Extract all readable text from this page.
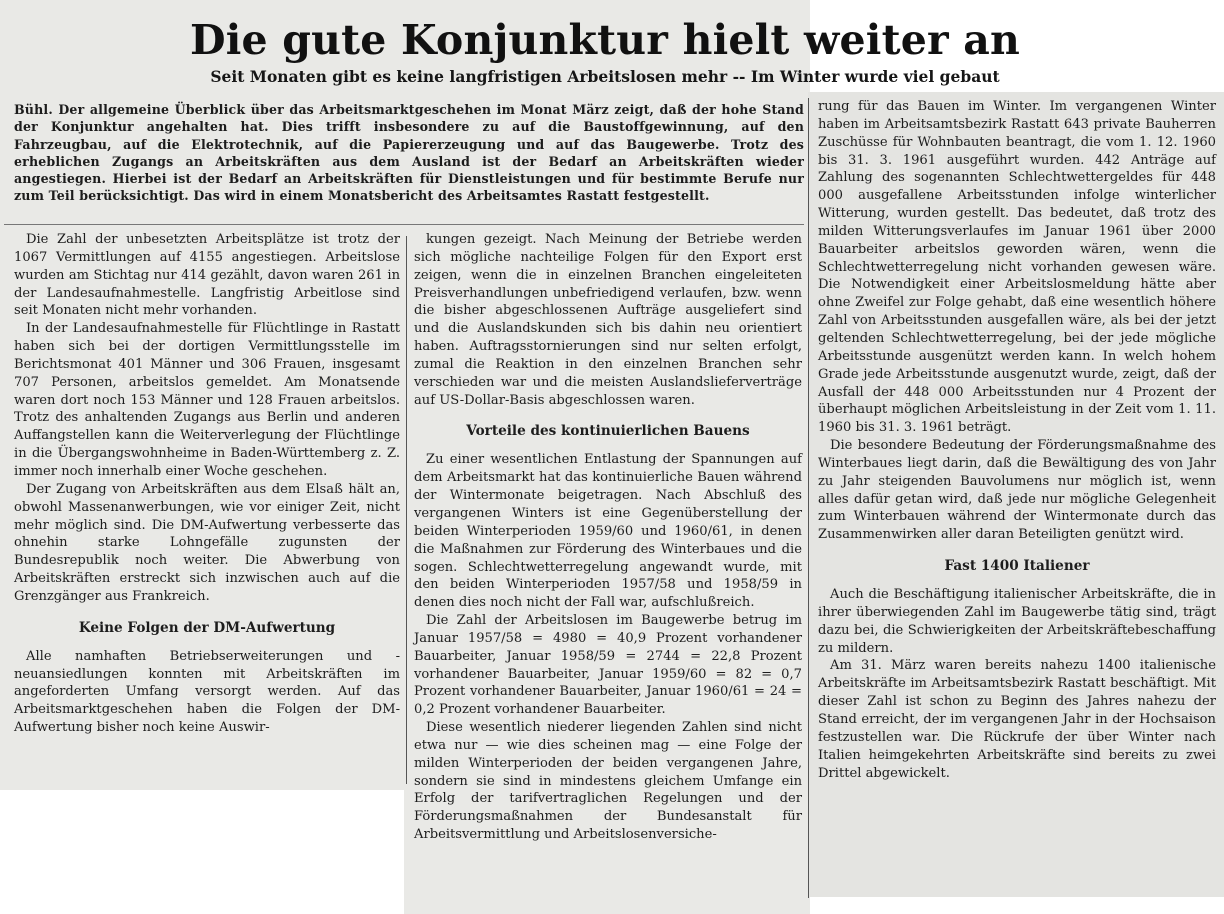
Die gute Konjunktur hielt weiter an
Seit Monaten gibt es keine langfristigen Arbeitslosen mehr -- Im Winter wurde viel gebaut

Bühl. Der allgemeine Überblick über das Arbeitsmarktgeschehen im Monat März zeigt, daß der hohe Stand der Konjunktur angehalten hat. Dies trifft insbesondere zu auf die Baustoffgewinnung, auf den Fahrzeugbau, auf die Elektrotechnik, auf die Papiererzeugung und auf das Baugewerbe. Trotz des erheblichen Zugangs an Arbeitskräften aus dem Ausland ist der Bedarf an Arbeitskräften wieder angestiegen. Hierbei ist der Bedarf an Arbeitskräften für Dienstleistungen und für bestimmte Berufe nur zum Teil berücksichtigt. Das wird in einem Monatsbericht des Arbeitsamtes Rastatt festgestellt.

Die Zahl der unbesetzten Arbeitsplätze ist trotz der 1067 Vermittlungen auf 4155 angestiegen. Arbeitslose wurden am Stichtag nur 414 gezählt, davon waren 261 in der Landesaufnahmestelle. Langfristig Arbeitlose sind seit Monaten nicht mehr vorhanden.

In der Landesaufnahmestelle für Flüchtlinge in Rastatt haben sich bei der dortigen Vermittlungsstelle im Berichtsmonat 401 Männer und 306 Frauen, insgesamt 707 Personen, arbeitslos gemeldet. Am Monatsende waren dort noch 153 Männer und 128 Frauen arbeitslos. Trotz des anhaltenden Zugangs aus Berlin und anderen Auffangstellen kann die Weiterverlegung der Flüchtlinge in die Übergangswohnheime in Baden-Württemberg z. Z. immer noch innerhalb einer Woche geschehen.

Der Zugang von Arbeitskräften aus dem Elsaß hält an, obwohl Massenanwerbungen, wie vor einiger Zeit, nicht mehr möglich sind. Die DM-Aufwertung verbesserte das ohnehin starke Lohngefälle zugunsten der Bundesrepublik noch weiter. Die Abwerbung von Arbeitskräften erstreckt sich inzwischen auch auf die Grenzgänger aus Frankreich.

Keine Folgen der DM-Aufwertung

Alle namhaften Betriebserweiterungen und -neuansiedlungen konnten mit Arbeitskräften im angeforderten Umfang versorgt werden. Auf das Arbeitsmarktgeschehen haben die Folgen der DM-Aufwertung bisher noch keine Auswir-

kungen gezeigt. Nach Meinung der Betriebe werden sich mögliche nachteilige Folgen für den Export erst zeigen, wenn die in einzelnen Branchen eingeleiteten Preisverhandlungen unbefriedigend verlaufen, bzw. wenn die bisher abgeschlossenen Aufträge ausgeliefert sind und die Auslandskunden sich bis dahin neu orientiert haben. Auftragsstornierungen sind nur selten erfolgt, zumal die Reaktion in den einzelnen Branchen sehr verschieden war und die meisten Auslandslieferverträge auf US-Dollar-Basis abgeschlossen waren.

Vorteile des kontinuierlichen Bauens

Zu einer wesentlichen Entlastung der Spannungen auf dem Arbeitsmarkt hat das kontinuierliche Bauen während der Wintermonate beigetragen. Nach Abschluß des vergangenen Winters ist eine Gegenüberstellung der beiden Winterperioden 1959/60 und 1960/61, in denen die Maßnahmen zur Förderung des Winterbaues und die sogen. Schlechtwetterregelung angewandt wurde, mit den beiden Winterperioden 1957/58 und 1958/59 in denen dies noch nicht der Fall war, aufschlußreich.

Die Zahl der Arbeitslosen im Baugewerbe betrug im Januar 1957/58 = 4980 = 40,9 Prozent vorhandener Bauarbeiter, Januar 1958/59 = 2744 = 22,8 Prozent vorhandener Bauarbeiter, Januar 1959/60 = 82 = 0,7 Prozent vorhandener Bauarbeiter, Januar 1960/61 = 24 = 0,2 Prozent vorhandener Bauarbeiter.

Diese wesentlich niederer liegenden Zahlen sind nicht etwa nur — wie dies scheinen mag — eine Folge der milden Winterperioden der beiden vergangenen Jahre, sondern sie sind in mindestens gleichem Umfange ein Erfolg der tarifvertraglichen Regelungen und der Förderungsmaßnahmen der Bundesanstalt für Arbeitsvermittlung und Arbeitslosenversiche-

rung für das Bauen im Winter. Im vergangenen Winter haben im Arbeitsamtsbezirk Rastatt 643 private Bauherren Zuschüsse für Wohnbauten beantragt, die vom 1. 12. 1960 bis 31. 3. 1961 ausgeführt wurden. 442 Anträge auf Zahlung des sogenannten Schlechtwettergeldes für 448 000 ausgefallene Arbeitsstunden infolge winterlicher Witterung, wurden gestellt. Das bedeutet, daß trotz des milden Witterungsverlaufes im Januar 1961 über 2000 Bauarbeiter arbeitslos geworden wären, wenn die Schlechtwetterregelung nicht vorhanden gewesen wäre. Die Notwendigkeit einer Arbeitslosmeldung hätte aber ohne Zweifel zur Folge gehabt, daß eine wesentlich höhere Zahl von Arbeitsstunden ausgefallen wäre, als bei der jetzt geltenden Schlechtwetterregelung, bei der jede mögliche Arbeitsstunde ausgenützt werden kann. In welch hohem Grade jede Arbeitsstunde ausgenutzt wurde, zeigt, daß der Ausfall der 448 000 Arbeitsstunden nur 4 Prozent der überhaupt möglichen Arbeitsleistung in der Zeit vom 1. 11. 1960 bis 31. 3. 1961 beträgt.

Die besondere Bedeutung der Förderungsmaßnahme des Winterbaues liegt darin, daß die Bewältigung des von Jahr zu Jahr steigenden Bauvolumens nur möglich ist, wenn alles dafür getan wird, daß jede nur mögliche Gelegenheit zum Winterbauen während der Wintermonate durch das Zusammenwirken aller daran Beteiligten genützt wird.

Fast 1400 Italiener

Auch die Beschäftigung italienischer Arbeitskräfte, die in ihrer überwiegenden Zahl im Baugewerbe tätig sind, trägt dazu bei, die Schwierigkeiten der Arbeitskräftebeschaffung zu mildern.

Am 31. März waren bereits nahezu 1400 italienische Arbeitskräfte im Arbeitsamtsbezirk Rastatt beschäftigt. Mit dieser Zahl ist schon zu Beginn des Jahres nahezu der Stand erreicht, der im vergangenen Jahr in der Hochsaison festzustellen war. Die Rückrufe der über Winter nach Italien heimgekehrten Arbeitskräfte sind bereits zu zwei Drittel abgewickelt.
